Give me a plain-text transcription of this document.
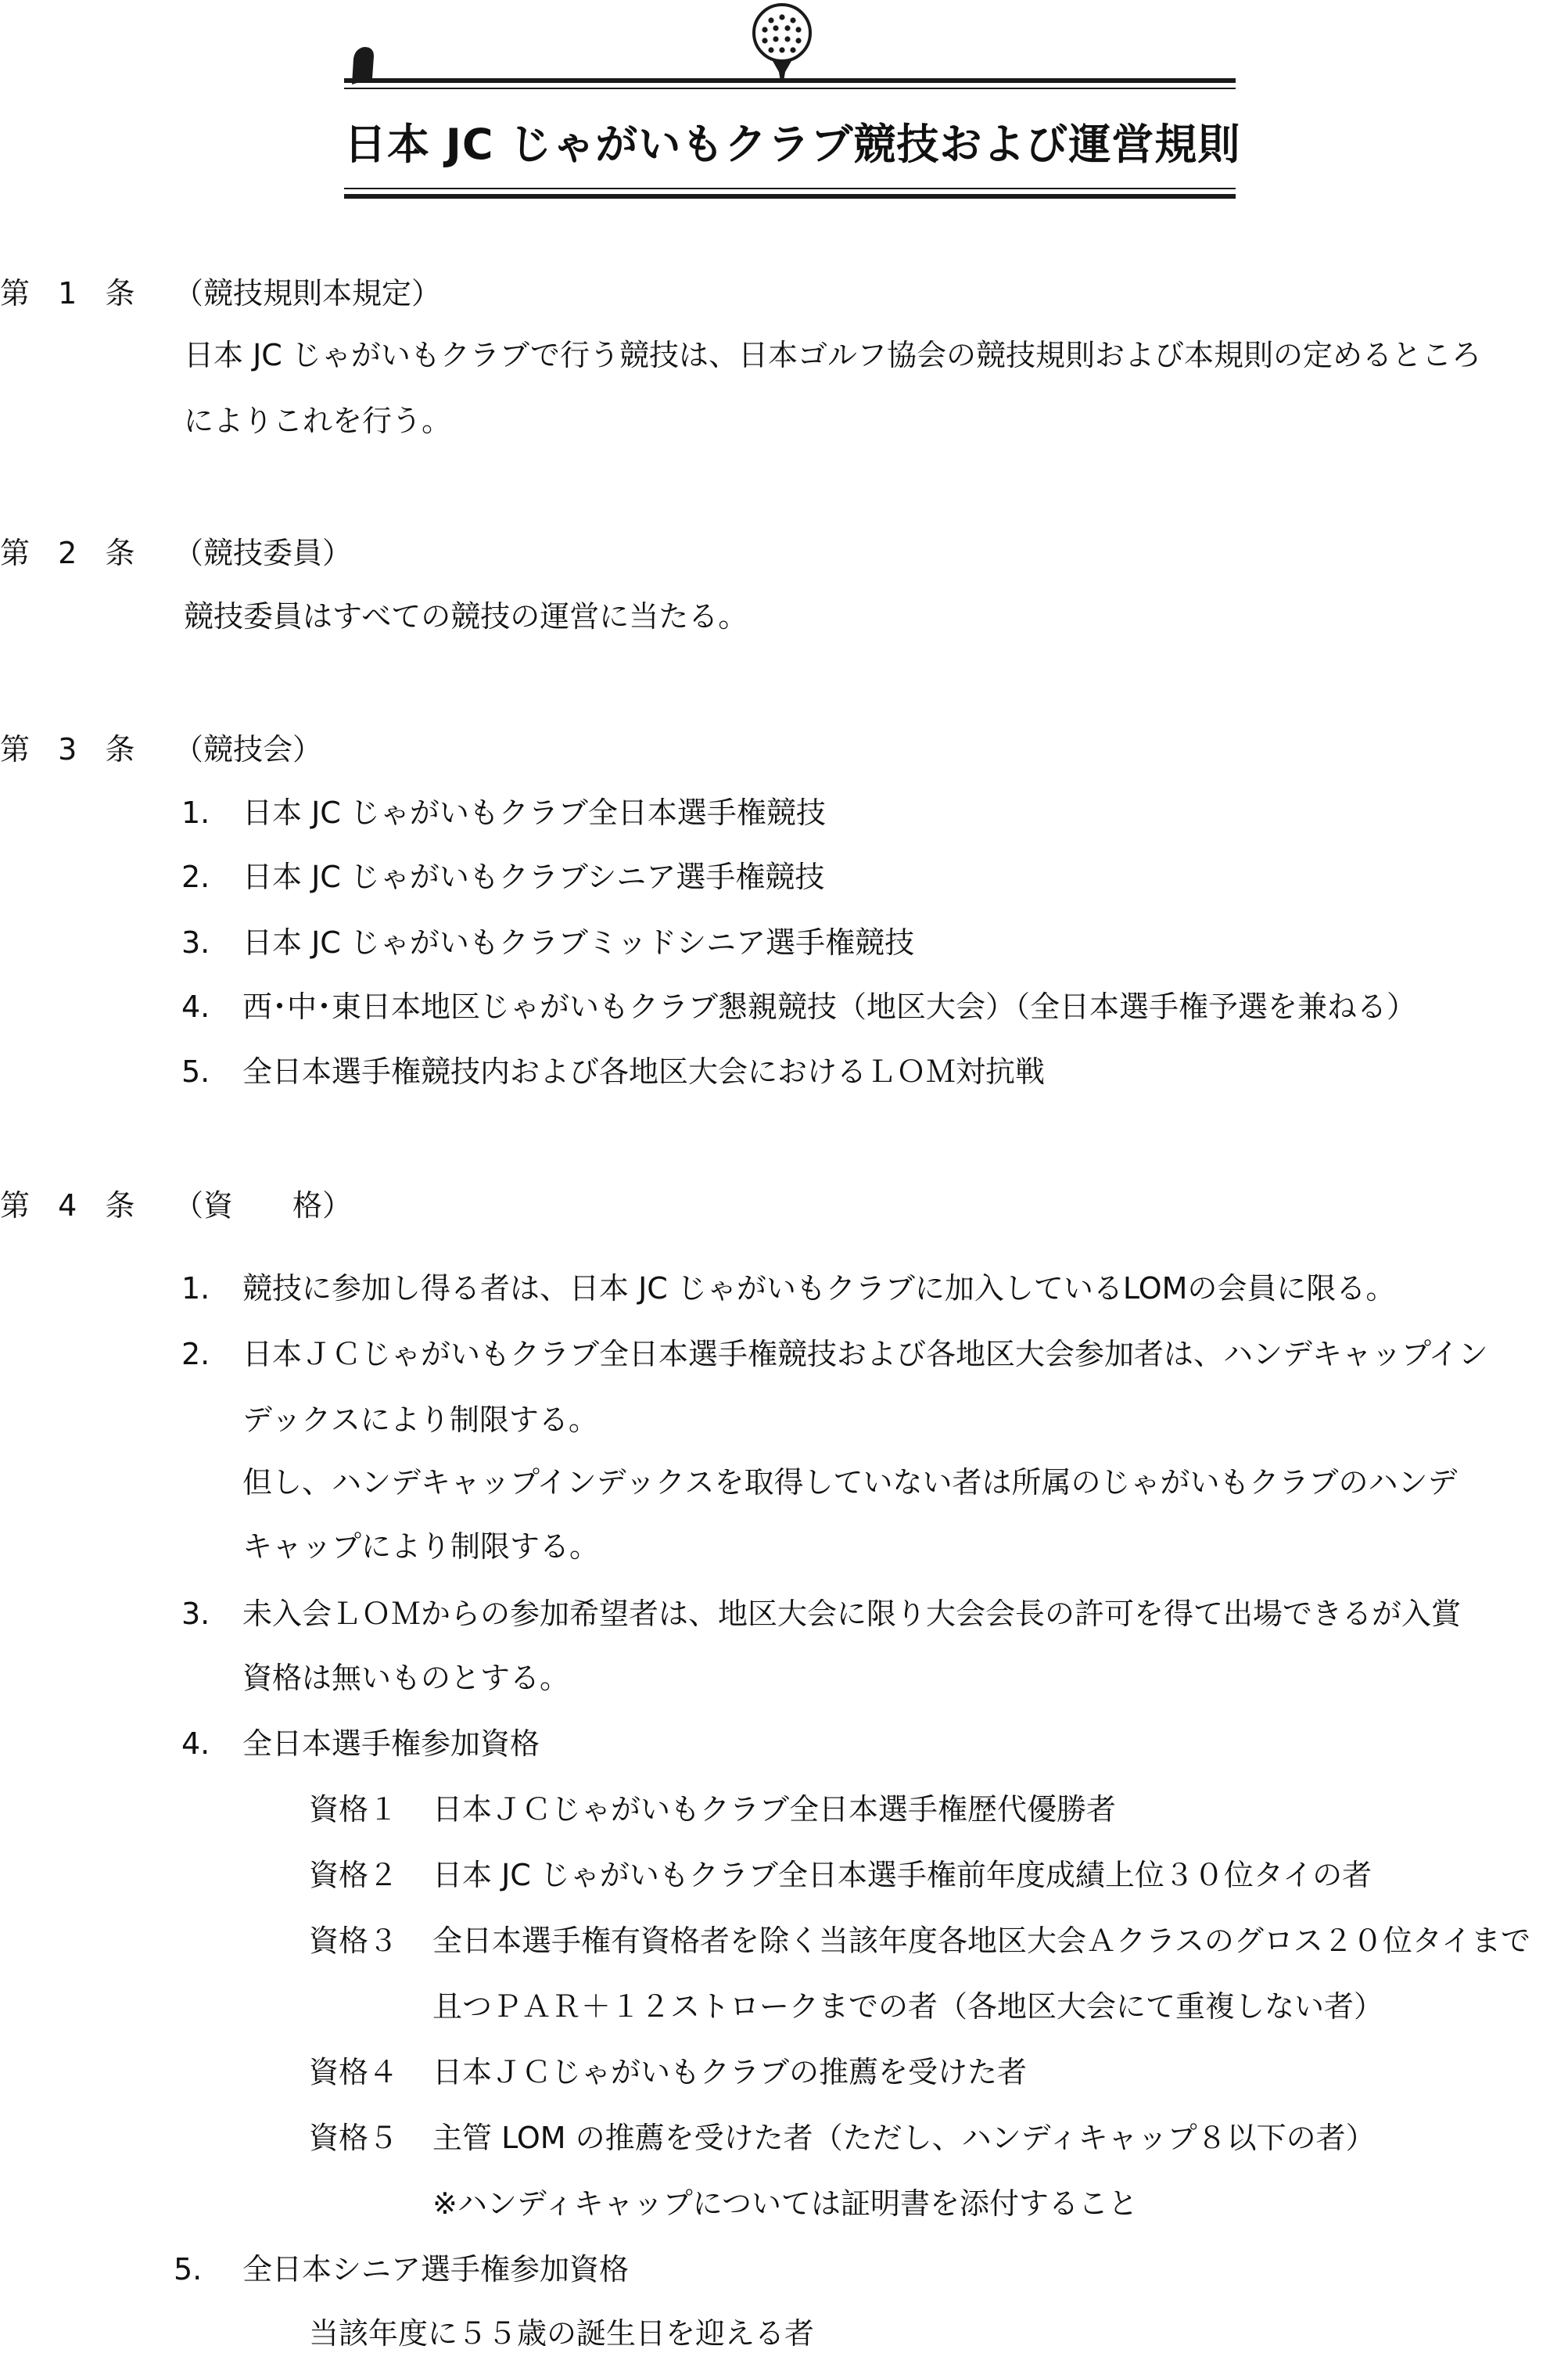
日本 JC じゃがいもクラブ競技および運営規則
第 1 条 （競技規則本規定）
日本 JC じゃがいもクラブで行う競技は、日本ゴルフ協会の競技規則および本規則の定めるところ
によりこれを行う。
第 2 条 （競技委員）
競技委員はすべての競技の運営に当たる。
第 3 条 （競技会）
1. 日本 JC じゃがいもクラブ全日本選手権競技
2. 日本 JC じゃがいもクラブシニア選手権競技
3. 日本 JC じゃがいもクラブミッドシニア選手権競技
4. 西･中･東日本地区じゃがいもクラブ懇親競技（地区大会）（全日本選手権予選を兼ねる）
5. 全日本選手権競技内および各地区大会におけるＬＯＭ対抗戦
第 4 条 （資　　格）
1. 競技に参加し得る者は、日本 JC じゃがいもクラブに加入しているLOMの会員に限る。
2. 日本ＪＣじゃがいもクラブ全日本選手権競技および各地区大会参加者は、ハンデキャップイン
デックスにより制限する。
但し、ハンデキャップインデックスを取得していない者は所属のじゃがいもクラブのハンデ
キャップにより制限する。
3. 未入会ＬＯＭからの参加希望者は、地区大会に限り大会会長の許可を得て出場できるが入賞
資格は無いものとする。
4. 全日本選手権参加資格
資格１ 日本ＪＣじゃがいもクラブ全日本選手権歴代優勝者
資格２ 日本 JC じゃがいもクラブ全日本選手権前年度成績上位３０位タイの者
資格３ 全日本選手権有資格者を除く当該年度各地区大会Ａクラスのグロス２０位タイまで
且つＰＡＲ＋１２ストロークまでの者（各地区大会にて重複しない者）
資格４ 日本ＪＣじゃがいもクラブの推薦を受けた者
資格５ 主管 LOM の推薦を受けた者（ただし、ハンディキャップ８以下の者）
※ハンディキャップについては証明書を添付すること
5. 全日本シニア選手権参加資格
当該年度に５５歳の誕生日を迎える者
